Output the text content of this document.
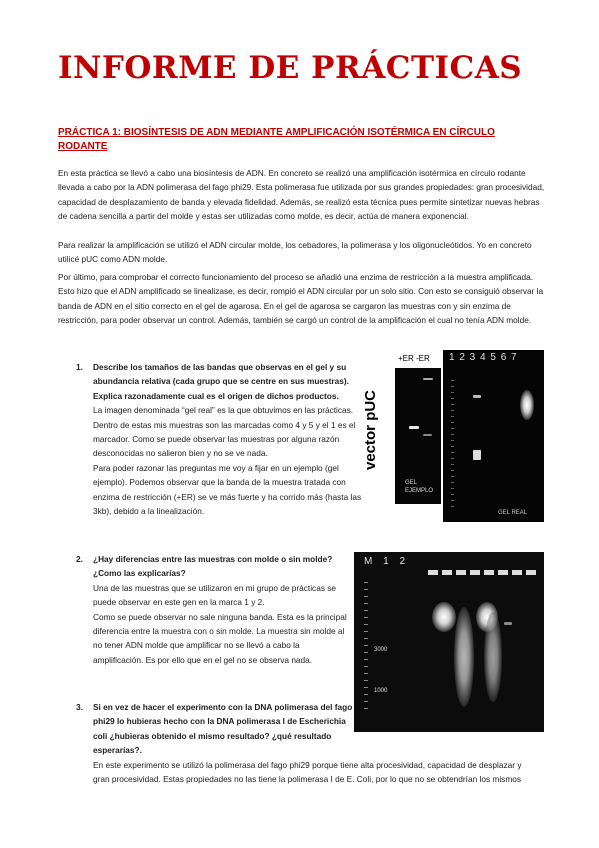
INFORME DE PRÁCTICAS
PRÁCTICA 1: BIOSÍNTESIS DE ADN MEDIANTE AMPLIFICACIÓN ISOTÉRMICA EN CÍRCULO RODANTE
En esta práctica se llevó a cabo una biosíntesis de ADN. En concreto se realizó una amplificación isotérmica en círculo rodante llevada a cabo por la ADN polimerasa del fago phi29. Esta polimerasa fue utilizada por sus grandes propiedades: gran procesividad, capacidad de desplazamiento de banda y elevada fidelidad. Además, se realizó esta técnica pues permite sintetizar nuevas hebras de cadena sencilla a partir del molde y estas ser utilizadas como molde, es decir, actúa de manera exponencial.
Para realizar la amplificación se utilizó el ADN circular molde, los cebadores, la polimerasa y los oligonucleótidos. Yo en concreto utilicé pUC como ADN molde.
Por último, para comprobar el correcto funcionamiento del proceso se añadió una enzima de restricción a la muestra amplificada. Esto hizo que el ADN amplificado se linealizase, es decir, rompió el ADN circular por un solo sitio. Con esto se consiguió observar la banda de ADN en el sitio correcto en el gel de agarosa. En el gel de agarosa se cargaron las muestras con y sin enzima de restricción, para poder observar un control. Además, también se cargó un control de la amplificación el cual no tenía ADN molde.
1. Describe los tamaños de las bandas que observas en el gel y su abundancia relativa (cada grupo que se centre en sus muestras). Explica razonadamente cual es el origen de dichos productos.
La imagen denominada “gel real” es la que obtuvimos en las prácticas. Dentro de estas mis muestras son las marcadas como 4 y 5 y el 1 es el marcador. Como se puede observar las muestras por alguna razón desconocidas no salieron bien y no se ve nada.
Para poder razonar las preguntas me voy a fijar en un ejemplo (gel ejemplo). Podemos observar que la banda de la muestra tratada con enzima de restricción (+ER) se ve más fuerte y ha corrido más (hasta las 3kb), debido a la linealización.
vector pUC
+ER -ER
GEL EJEMPLO
1 2 3 4 5 6 7
GEL REAL
2. ¿Hay diferencias entre las muestras con molde o sin molde? ¿Como las explicarías?
Una de las muestras que se utilizaron en mi grupo de prácticas se puede observar en este gen en la marca 1 y 2.
Como se puede observar no sale ninguna banda. Esta es la principal diferencia entre la muestra con o sin molde. La muestra sin molde al no tener ADN molde que amplificar no se llevó a cabo la amplificación. Es por ello que en el gel no se observa nada.
M 1 2
3000
1000
3. Si en vez de hacer el experimento con la DNA polimerasa del fago phi29 lo hubieras hecho con la DNA polimerasa I de Escherichia coli ¿hubieras obtenido el mismo resultado? ¿qué resultado esperarías?.
En este experimento se utilizó la polimerasa del fago phi29 porque tiene alta procesividad, capacidad de desplazar y gran procesividad. Estas propiedades no las tiene la polimerasa I de E. Coli, por lo que no se obtendrían los mismos
